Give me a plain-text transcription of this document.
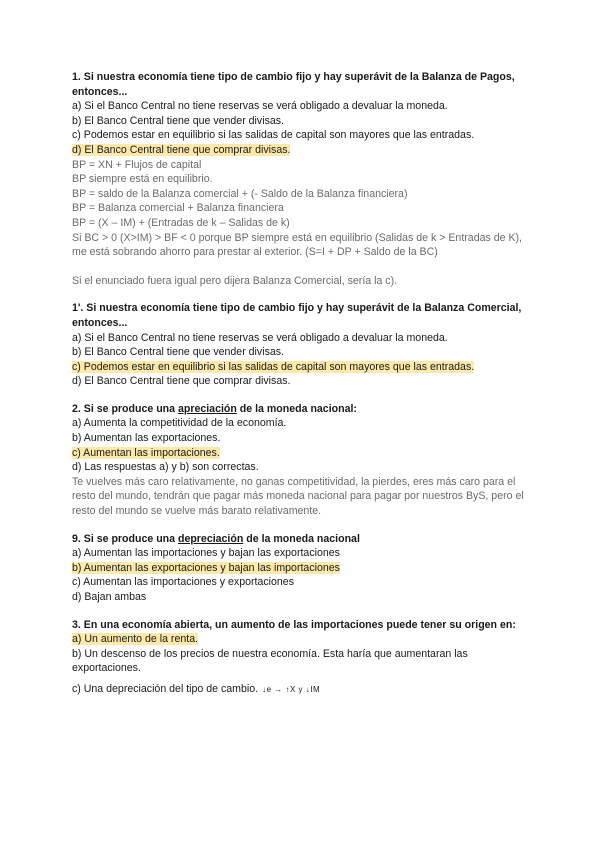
1. Si nuestra economía tiene tipo de cambio fijo y hay superávit de la Balanza de Pagos, entonces...
a) Si el Banco Central no tiene reservas se verá obligado a devaluar la moneda.
b) El Banco Central tiene que vender divisas.
c) Podemos estar en equilibrio si las salidas de capital son mayores que las entradas.
d) El Banco Central tiene que comprar divisas.
BP = XN + Flujos de capital
BP siempre está en equilibrio.
BP = saldo de la Balanza comercial + (- Saldo de la Balanza financiera)
BP = Balanza comercial + Balanza financiera
BP = (X – IM) + (Entradas de k – Salidas de k)
Si BC > 0 (X>IM) > BF < 0 porque BP siempre está en equilibrio (Salidas de k > Entradas de K), me está sobrando ahorro para prestar al exterior. (S=I + DP + Saldo de la BC)
Si el enunciado fuera igual pero dijera Balanza Comercial, sería la c).
1'. Si nuestra economía tiene tipo de cambio fijo y hay superávit de la Balanza Comercial, entonces...
a) Si el Banco Central no tiene reservas se verá obligado a devaluar la moneda.
b) El Banco Central tiene que vender divisas.
c) Podemos estar en equilibrio si las salidas de capital son mayores que las entradas.
d) El Banco Central tiene que comprar divisas.
2. Si se produce una apreciación de la moneda nacional:
a) Aumenta la competitividad de la economía.
b) Aumentan las exportaciones.
c) Aumentan las importaciones.
d) Las respuestas a) y b) son correctas.
Te vuelves más caro relativamente, no ganas competitividad, la pierdes, eres más caro para el resto del mundo, tendrán que pagar más moneda nacional para pagar por nuestros ByS, pero el resto del mundo se vuelve más barato relativamente.
9. Si se produce una depreciación de la moneda nacional
a) Aumentan las importaciones y bajan las exportaciones
b) Aumentan las exportaciones y bajan las importaciones
c) Aumentan las importaciones y exportaciones
d) Bajan ambas
3. En una economía abierta, un aumento de las importaciones puede tener su origen en:
a) Un aumento de la renta.
b) Un descenso de los precios de nuestra economía. Esta haría que aumentaran las exportaciones.
c) Una depreciación del tipo de cambio. ↓e → ↑X y ↓IM
